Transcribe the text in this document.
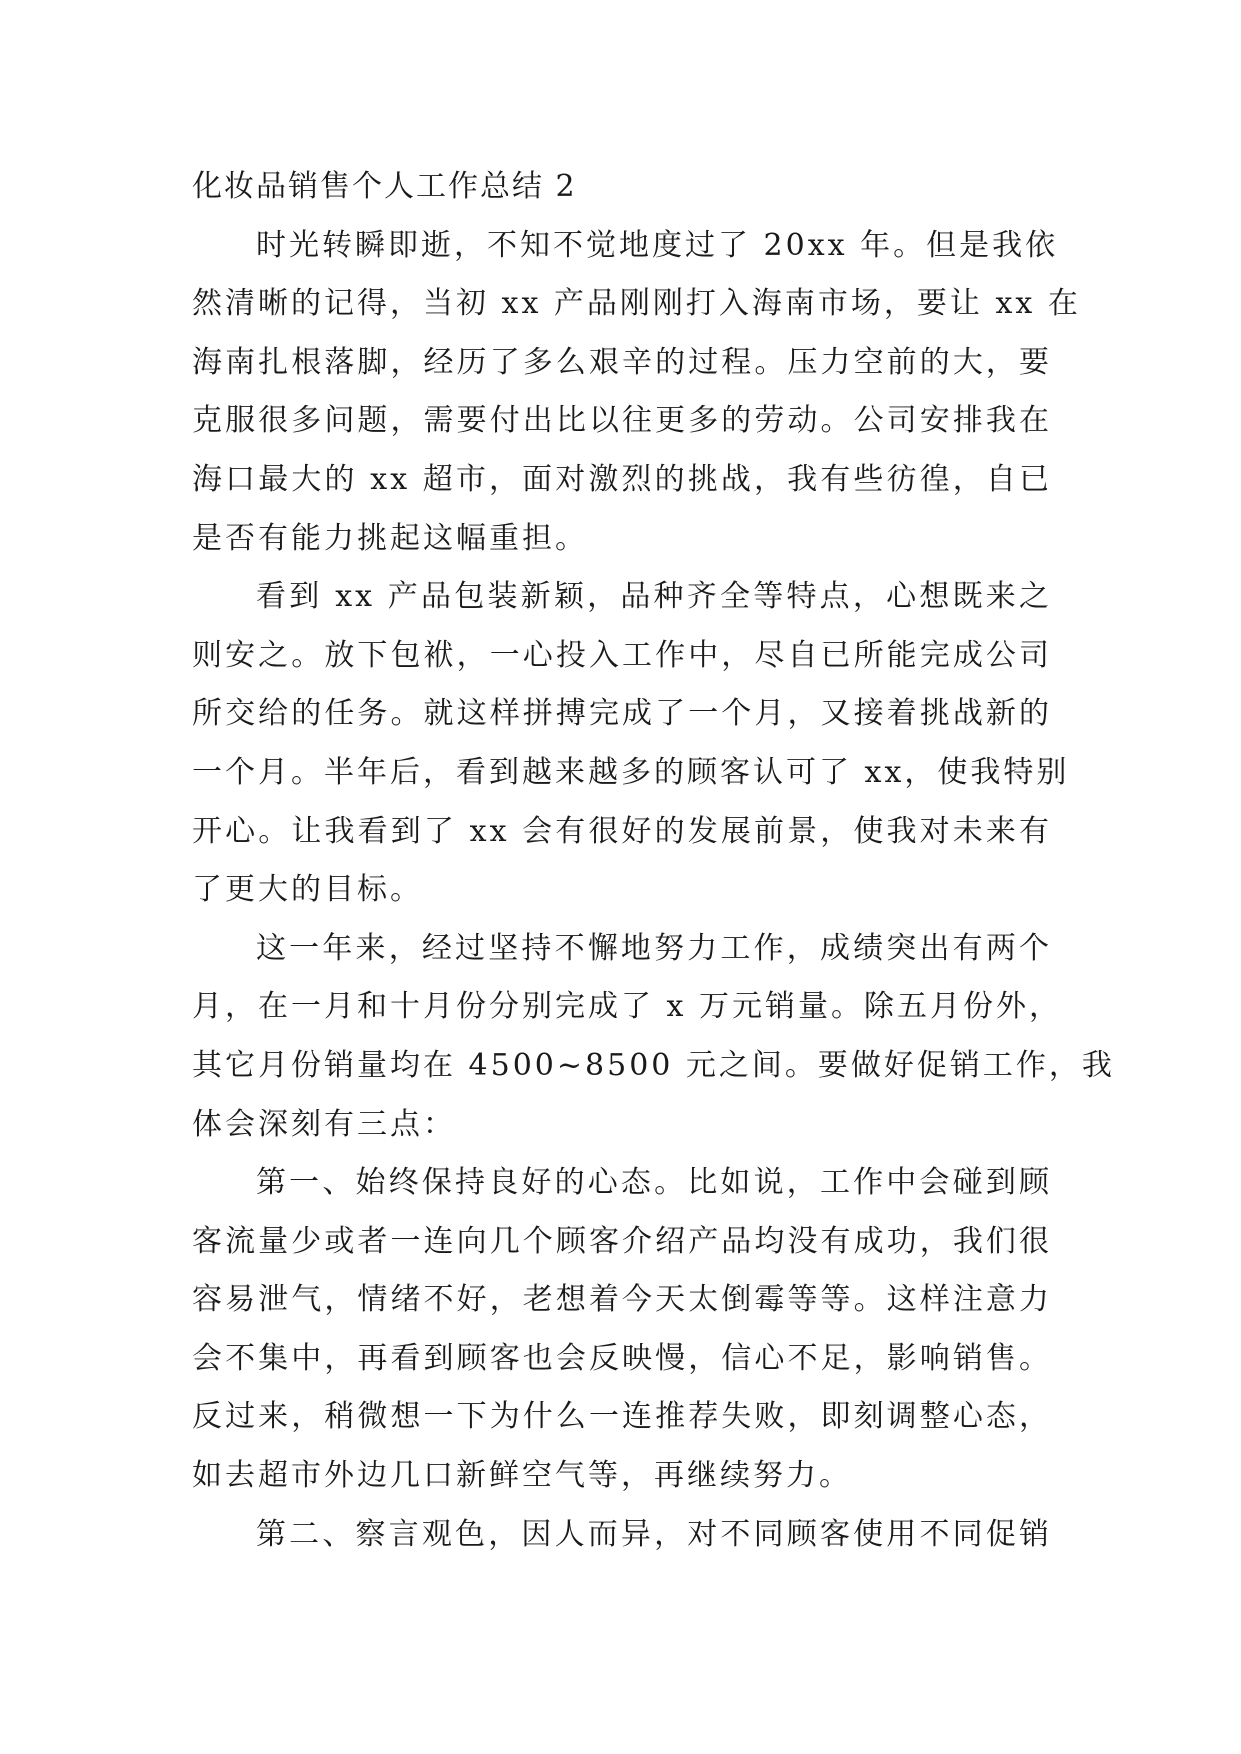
化妆品销售个人工作总结 2
时光转瞬即逝，不知不觉地度过了 20xx 年。但是我依
然清晰的记得，当初 xx 产品刚刚打入海南市场，要让 xx 在
海南扎根落脚，经历了多么艰辛的过程。压力空前的大，要
克服很多问题，需要付出比以往更多的劳动。公司安排我在
海口最大的 xx 超市，面对激烈的挑战，我有些彷徨，自已
是否有能力挑起这幅重担。
看到 xx 产品包装新颖，品种齐全等特点，心想既来之
则安之。放下包袱，一心投入工作中，尽自已所能完成公司
所交给的任务。就这样拼搏完成了一个月，又接着挑战新的
一个月。半年后，看到越来越多的顾客认可了 xx，使我特别
开心。让我看到了 xx 会有很好的发展前景，使我对未来有
了更大的目标。
这一年来，经过坚持不懈地努力工作，成绩突出有两个
月，在一月和十月份分别完成了 x 万元销量。除五月份外，
其它月份销量均在 4500~8500 元之间。要做好促销工作，我
体会深刻有三点：
第一、始终保持良好的心态。比如说，工作中会碰到顾
客流量少或者一连向几个顾客介绍产品均没有成功，我们很
容易泄气，情绪不好，老想着今天太倒霉等等。这样注意力
会不集中，再看到顾客也会反映慢，信心不足，影响销售。
反过来，稍微想一下为什么一连推荐失败，即刻调整心态，
如去超市外边几口新鲜空气等，再继续努力。
第二、察言观色，因人而异，对不同顾客使用不同促销
